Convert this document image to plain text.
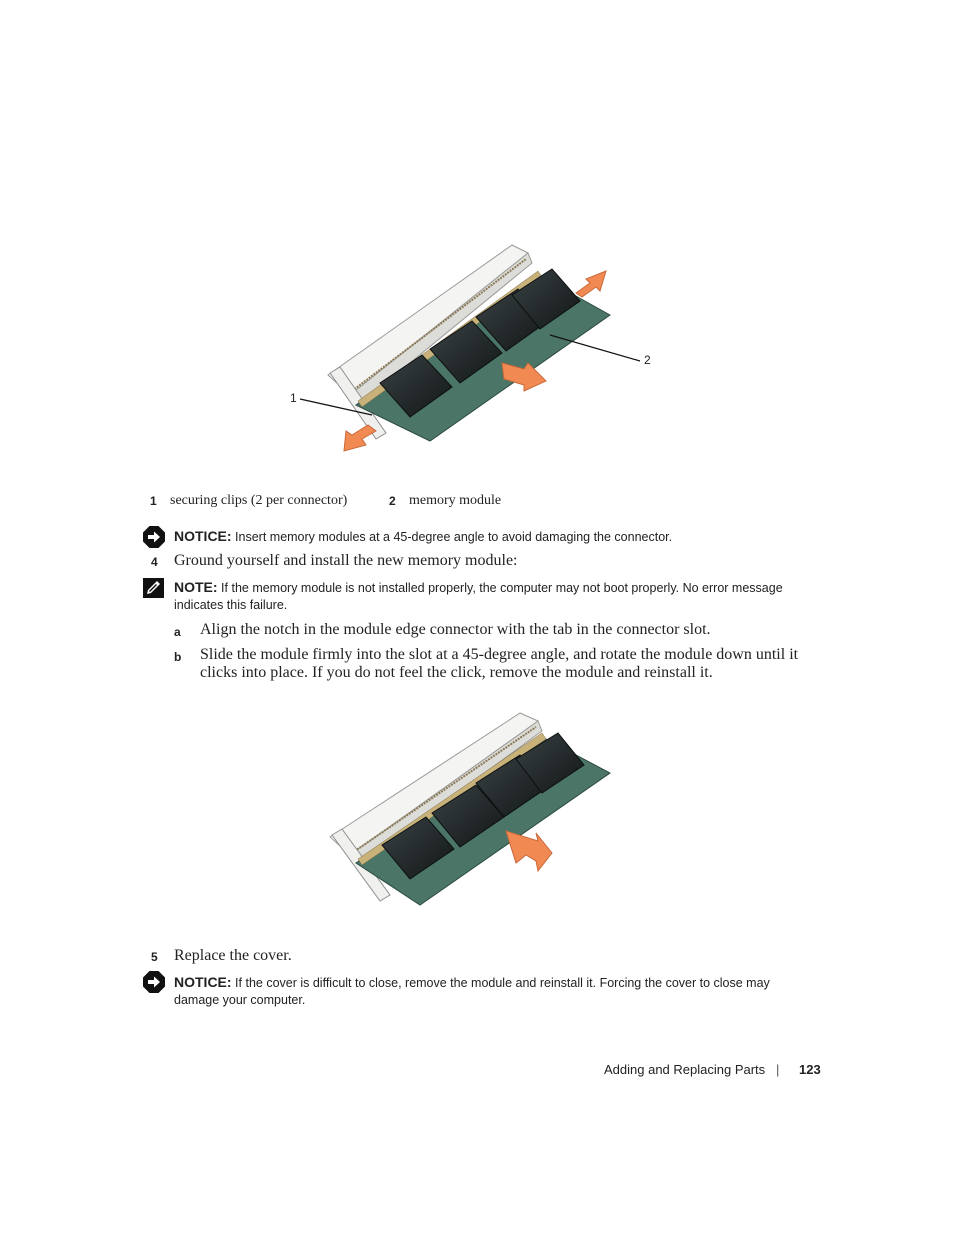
1
2
1 securing clips (2 per connector)	2 memory module
NOTICE: Insert memory modules at a 45-degree angle to avoid damaging the connector.
4 Ground yourself and install the new memory module:
NOTE: If the memory module is not installed properly, the computer may not boot properly. No error message
indicates this failure.
a Align the notch in the module edge connector with the tab in the connector slot.
b Slide the module firmly into the slot at a 45-degree angle, and rotate the module down until it
clicks into place. If you do not feel the click, remove the module and reinstall it.
5 Replace the cover.
NOTICE: If the cover is difficult to close, remove the module and reinstall it. Forcing the cover to close may
damage your computer.
Adding and Replacing Parts | 123
